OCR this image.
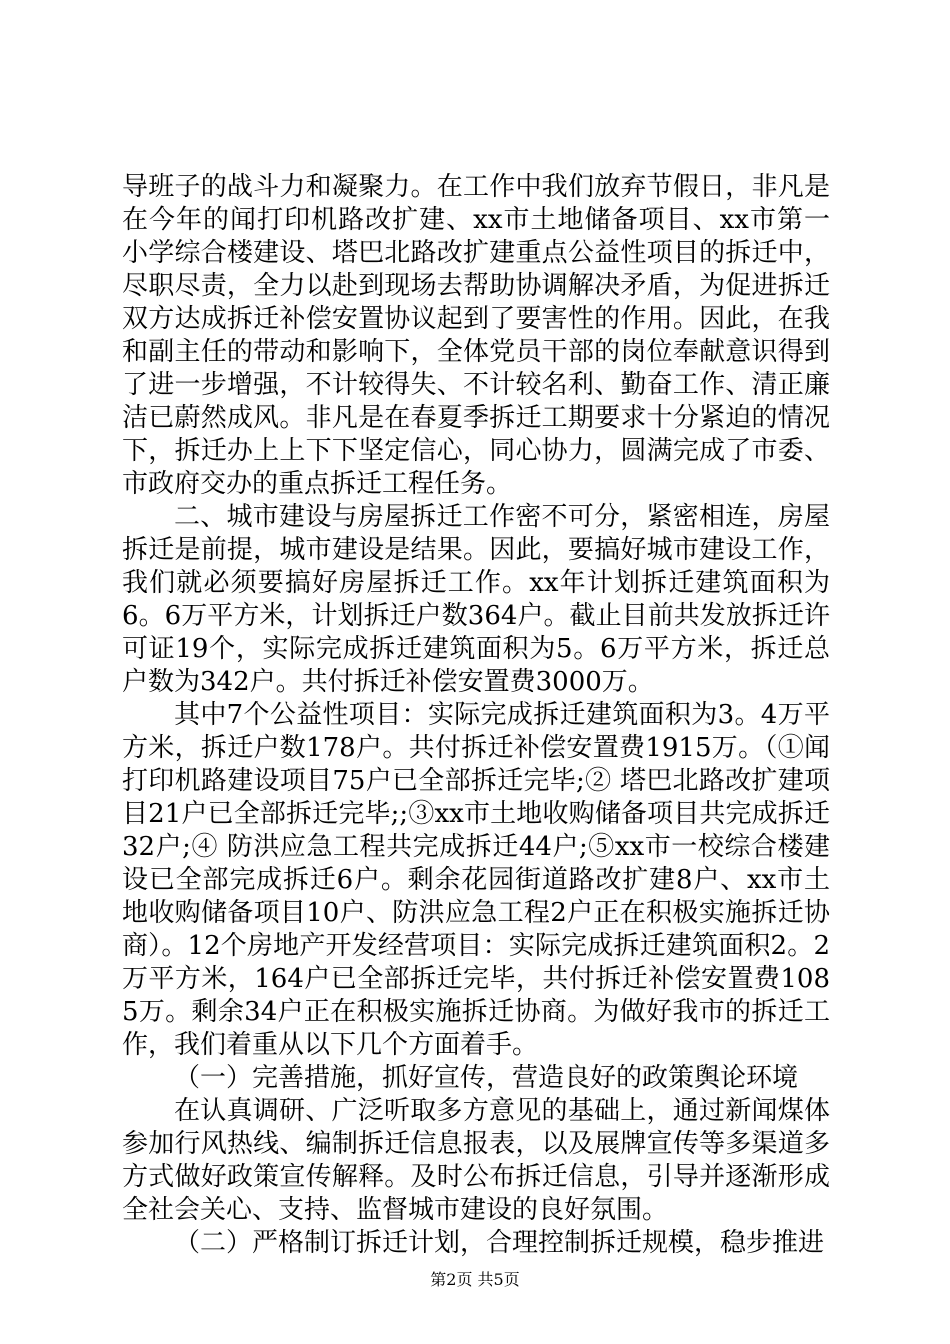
导班子的战斗力和凝聚力。在工作中我们放弃节假日，非凡是在今年的闻打印机路改扩建、xx市土地储备项目、xx市第一小学综合楼建设、塔巴北路改扩建重点公益性项目的拆迁中，尽职尽责，全力以赴到现场去帮助协调解决矛盾，为促进拆迁双方达成拆迁补偿安置协议起到了要害性的作用。因此，在我和副主任的带动和影响下，全体党员干部的岗位奉献意识得到了进一步增强，不计较得失、不计较名利、勤奋工作、清正廉洁已蔚然成风。非凡是在春夏季拆迁工期要求十分紧迫的情况下，拆迁办上上下下坚定信心，同心协力，圆满完成了市委、市政府交办的重点拆迁工程任务。

二、城市建设与房屋拆迁工作密不可分，紧密相连，房屋拆迁是前提，城市建设是结果。因此，要搞好城市建设工作，我们就必须要搞好房屋拆迁工作。xx年计划拆迁建筑面积为6。6万平方米，计划拆迁户数364户。截止目前共发放拆迁许可证19个，实际完成拆迁建筑面积为5。6万平方米，拆迁总户数为342户。共付拆迁补偿安置费3000万。

其中7个公益性项目：实际完成拆迁建筑面积为3。4万平方米，拆迁户数178户。共付拆迁补偿安置费1915万。（①闻打印机路建设项目75户已全部拆迁完毕;② 塔巴北路改扩建项目21户已全部拆迁完毕;;③xx市土地收购储备项目共完成拆迁32户;④ 防洪应急工程共完成拆迁44户;⑤xx市一校综合楼建设已全部完成拆迁6户。剩余花园街道路改扩建8户、xx市土地收购储备项目10户、防洪应急工程2户正在积极实施拆迁协商）。12个房地产开发经营项目：实际完成拆迁建筑面积2。2万平方米，164户已全部拆迁完毕，共付拆迁补偿安置费1085万。剩余34户正在积极实施拆迁协商。为做好我市的拆迁工作，我们着重从以下几个方面着手。

（一）完善措施，抓好宣传，营造良好的政策舆论环境

在认真调研、广泛听取多方意见的基础上，通过新闻煤体参加行风热线、编制拆迁信息报表，以及展牌宣传等多渠道多方式做好政策宣传解释。及时公布拆迁信息，引导并逐渐形成全社会关心、支持、监督城市建设的良好氛围。

（二）严格制订拆迁计划，合理控制拆迁规模，稳步推进

第2页 共5页
